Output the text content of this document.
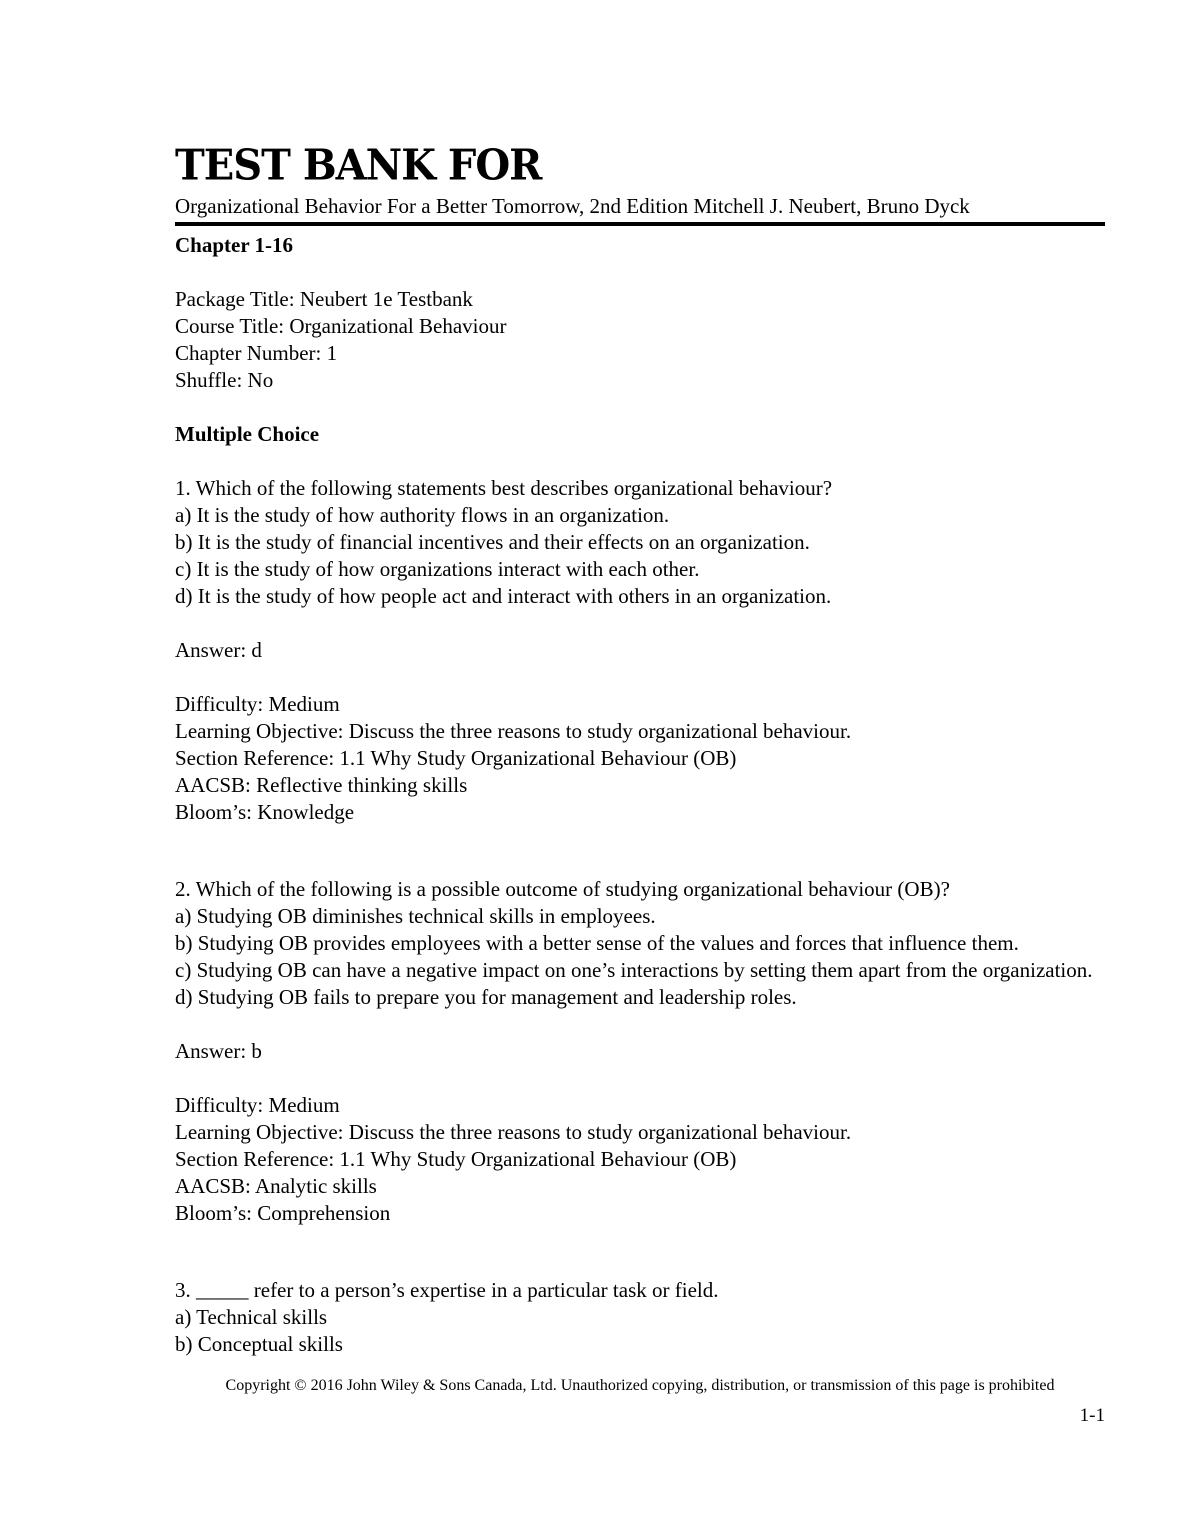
TEST BANK FOR

Organizational Behavior For a Better Tomorrow, 2nd Edition Mitchell J. Neubert, Bruno Dyck

Chapter 1-16

Package Title: Neubert 1e Testbank

Course Title: Organizational Behaviour

Chapter Number: 1

Shuffle: No

Multiple Choice

1. Which of the following statements best describes organizational behaviour?

a) It is the study of how authority flows in an organization.

b) It is the study of financial incentives and their effects on an organization.

c) It is the study of how organizations interact with each other.

d) It is the study of how people act and interact with others in an organization.

Answer: d

Difficulty: Medium

Learning Objective: Discuss the three reasons to study organizational behaviour.

Section Reference: 1.1 Why Study Organizational Behaviour (OB)

AACSB: Reflective thinking skills

Bloom’s: Knowledge

2. Which of the following is a possible outcome of studying organizational behaviour (OB)?

a) Studying OB diminishes technical skills in employees.

b) Studying OB provides employees with a better sense of the values and forces that influence them.

c) Studying OB can have a negative impact on one’s interactions by setting them apart from the organization.

d) Studying OB fails to prepare you for management and leadership roles.

Answer: b

Difficulty: Medium

Learning Objective: Discuss the three reasons to study organizational behaviour.

Section Reference: 1.1 Why Study Organizational Behaviour (OB)

AACSB: Analytic skills

Bloom’s: Comprehension

3. _____ refer to a person’s expertise in a particular task or field.

a) Technical skills

b) Conceptual skills

Copyright © 2016 John Wiley & Sons Canada, Ltd. Unauthorized copying, distribution, or transmission of this page is prohibited

1-1
